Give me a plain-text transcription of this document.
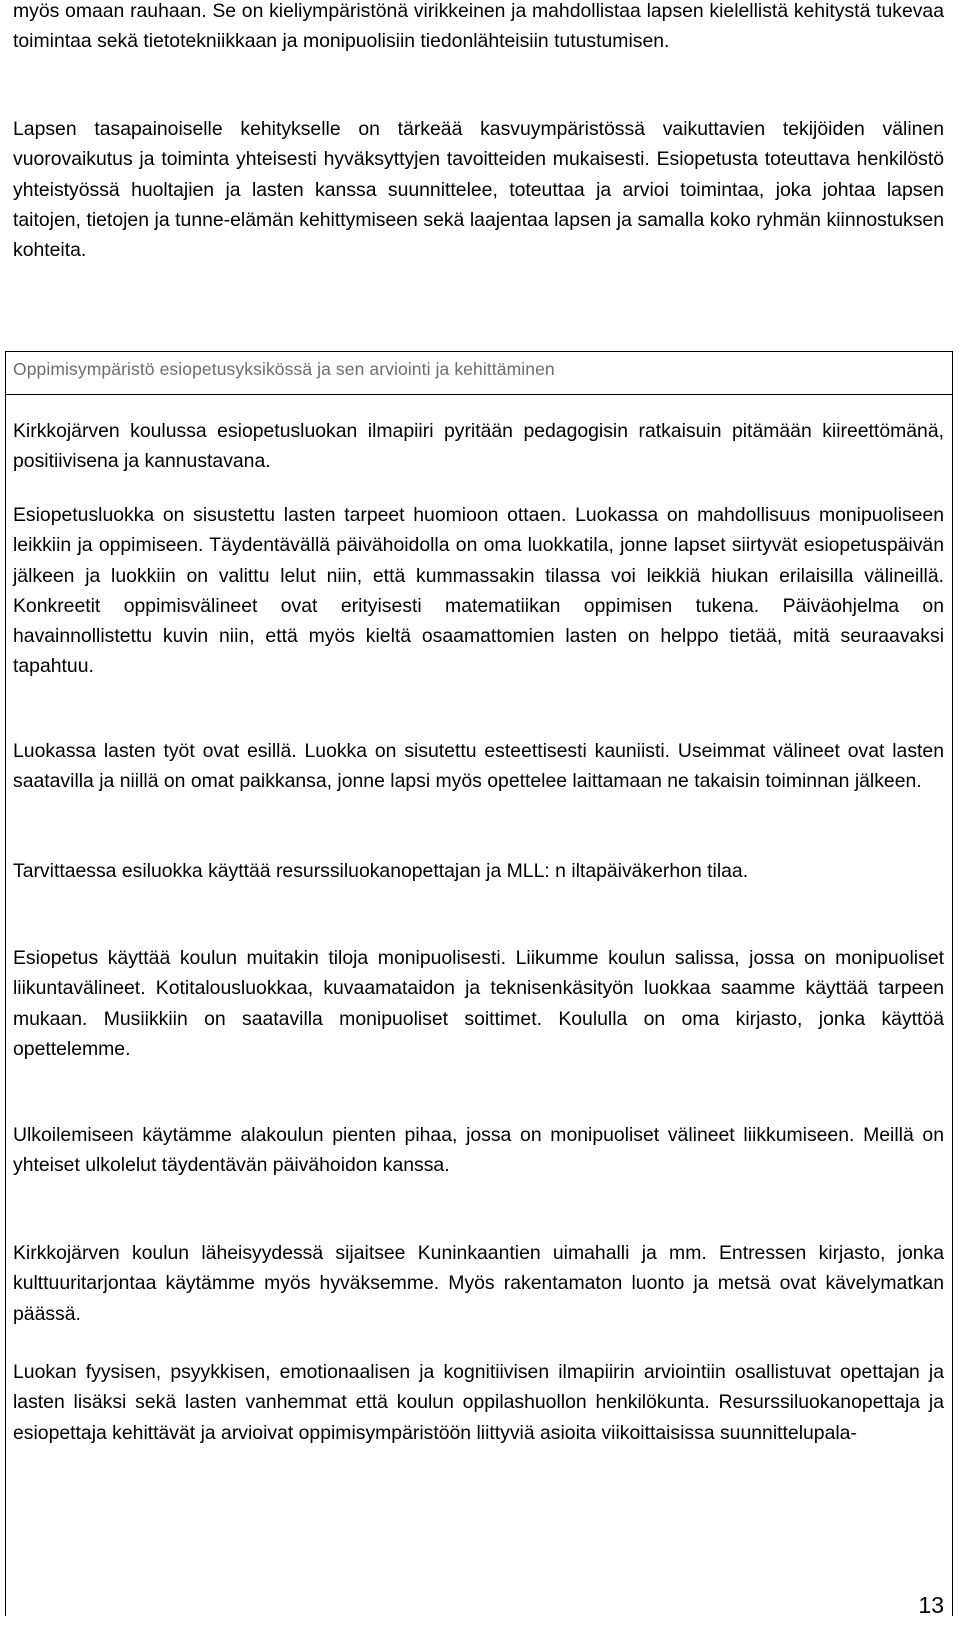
myös omaan rauhaan. Se on kieliympäristönä virikkeinen ja mahdollistaa lapsen kielellistä kehitystä tukevaa toimintaa sekä tietotekniikkaan ja monipuolisiin tiedonlähteisiin tutustumisen.

Lapsen tasapainoiselle kehitykselle on tärkeää kasvuympäristössä vaikuttavien tekijöiden välinen vuorovaikutus ja toiminta yhteisesti hyväksyttyjen tavoitteiden mukaisesti. Esiopetusta toteuttava henkilöstö yhteistyössä huoltajien ja lasten kanssa suunnittelee, toteuttaa ja arvioi toimintaa, joka johtaa lapsen taitojen, tietojen ja tunne-elämän kehittymiseen sekä laajentaa lapsen ja samalla koko ryhmän kiinnostuksen kohteita.

Oppimisympäristö esiopetusyksikössä ja sen arviointi ja kehittäminen

Kirkkojärven koulussa esiopetusluokan ilmapiiri pyritään pedagogisin ratkaisuin pitämään kiireettömänä, positiivisena ja kannustavana.

Esiopetusluokka on sisustettu lasten tarpeet huomioon ottaen. Luokassa on mahdollisuus monipuoliseen leikkiin ja oppimiseen. Täydentävällä päivähoidolla on oma luokkatila, jonne lapset siirtyvät esiopetuspäivän jälkeen ja luokkiin on valittu lelut niin, että kummassakin tilassa voi leikkiä hiukan erilaisilla välineillä. Konkreetit oppimisvälineet ovat erityisesti matematiikan oppimisen tukena. Päiväohjelma on havainnollistettu kuvin niin, että myös kieltä osaamattomien lasten on helppo tietää, mitä seuraavaksi tapahtuu.

Luokassa lasten työt ovat esillä. Luokka on sisutettu esteettisesti kauniisti. Useimmat välineet ovat lasten saatavilla ja niillä on omat paikkansa, jonne lapsi myös opettelee laittamaan ne takaisin toiminnan jälkeen.

Tarvittaessa esiluokka käyttää resurssiluokanopettajan ja MLL: n iltapäiväkerhon tilaa.

Esiopetus käyttää koulun muitakin tiloja monipuolisesti. Liikumme koulun salissa, jossa on monipuoliset liikuntavälineet. Kotitalousluokkaa, kuvaamataidon ja teknisenkäsityön luokkaa saamme käyttää tarpeen mukaan. Musiikkiin on saatavilla monipuoliset soittimet. Koululla on oma kirjasto, jonka käyttöä opettelemme.

Ulkoilemiseen käytämme alakoulun pienten pihaa, jossa on monipuoliset välineet liikkumiseen. Meillä on yhteiset ulkolelut täydentävän päivähoidon kanssa.

Kirkkojärven koulun läheisyydessä sijaitsee Kuninkaantien uimahalli ja mm. Entressen kirjasto, jonka kulttuuritarjontaa käytämme myös hyväksemme. Myös rakentamaton luonto ja metsä ovat kävelymatkan päässä.

Luokan fyysisen, psyykkisen, emotionaalisen ja kognitiivisen ilmapiirin arviointiin osallistuvat opettajan ja lasten lisäksi sekä lasten vanhemmat että koulun oppilashuollon henkilökunta. Resurssiluokanopettaja ja esiopettaja kehittävät ja arvioivat oppimisympäristöön liittyviä asioita viikoittaisissa suunnittelupala-

13
